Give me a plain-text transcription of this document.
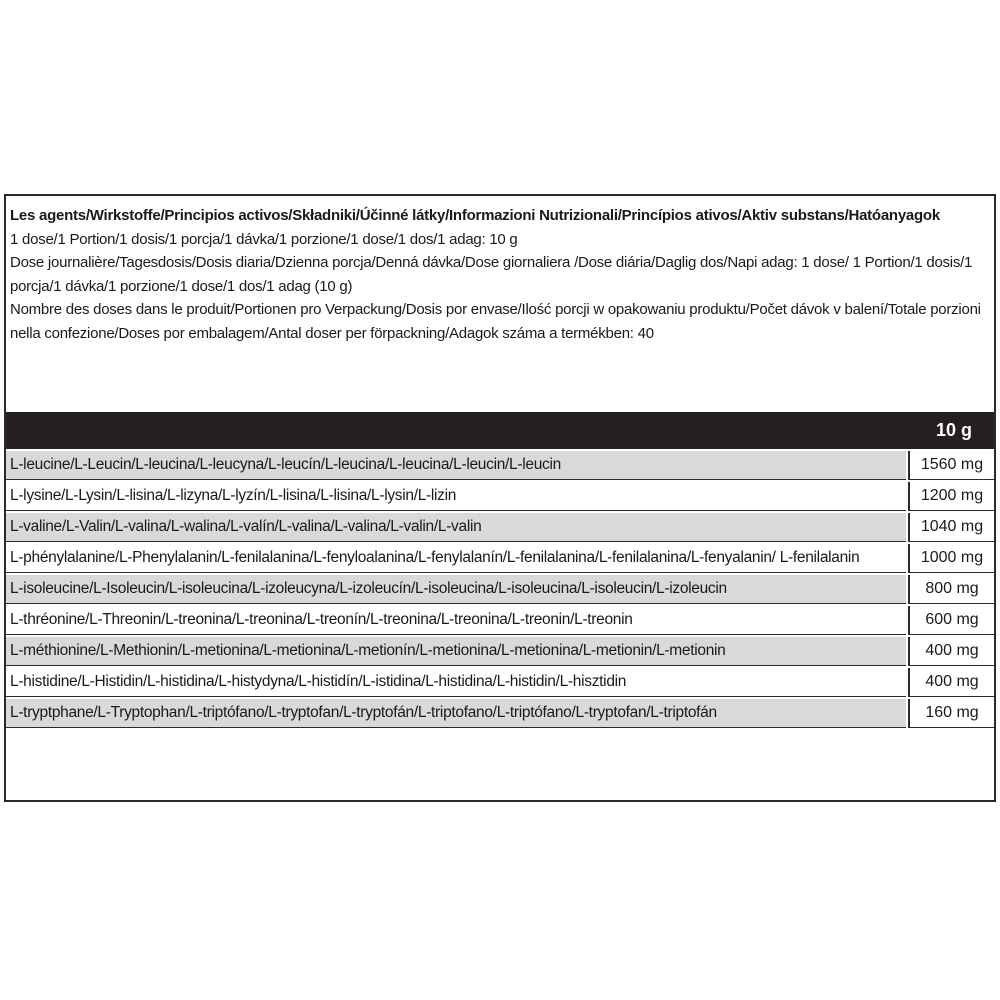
Les agents/Wirkstoffe/Principios activos/Składniki/Účinné látky/Informazioni Nutrizionali/Princípios ativos/Aktiv substans/Hatóanyagok

1 dose/1 Portion/1 dosis/1 porcja/1 dávka/1 porzione/1 dose/1 dos/1 adag: 10 g

Dose journalière/Tagesdosis/Dosis diaria/Dzienna porcja/Denná dávka/Dose giornaliera /Dose diária/Daglig dos/Napi adag: 1 dose/ 1 Portion/1 dosis/1 porcja/1 dávka/1 porzione/1 dose/1 dos/1 adag (10 g)

Nombre des doses dans le produit/Portionen pro Verpackung/Dosis por envase/Ilość porcji w opakowaniu produktu/Počet dávok v balení/Totale porzioni nella confezione/Doses por embalagem/Antal doser per förpackning/Adagok száma a termékben: 40

10 g
L-leucine/L-Leucin/L-leucina/L-leucyna/L-leucín/L-leucina/L-leucina/L-leucin/L-leucin	1560 mg
L-lysine/L-Lysin/L-lisina/L-lizyna/L-lyzín/L-lisina/L-lisina/L-lysin/L-lizin	1200 mg
L-valine/L-Valin/L-valina/L-walina/L-valín/L-valina/L-valina/L-valin/L-valin	1040 mg
L-phénylalanine/L-Phenylalanin/L-fenilalanina/L-fenyloalanina/L-fenylalanín/L-fenilalanina/L-fenilalanina/L-fenyalanin/ L-fenilalanin	1000 mg
L-isoleucine/L-Isoleucin/L-isoleucina/L-izoleucyna/L-izoleucín/L-isoleucina/L-isoleucina/L-isoleucin/L-izoleucin	800 mg
L-thréonine/L-Threonin/L-treonina/L-treonina/L-treonín/L-treonina/L-treonina/L-treonin/L-treonin	600 mg
L-méthionine/L-Methionin/L-metionina/L-metionina/L-metionín/L-metionina/L-metionina/L-metionin/L-metionin	400 mg
L-histidine/L-Histidin/L-histidina/L-histydyna/L-histidín/L-istidina/L-histidina/L-histidin/L-hisztidin	400 mg
L-tryptphane/L-Tryptophan/L-triptófano/L-tryptofan/L-tryptofán/L-triptofano/L-triptófano/L-tryptofan/L-triptofán	160 mg
